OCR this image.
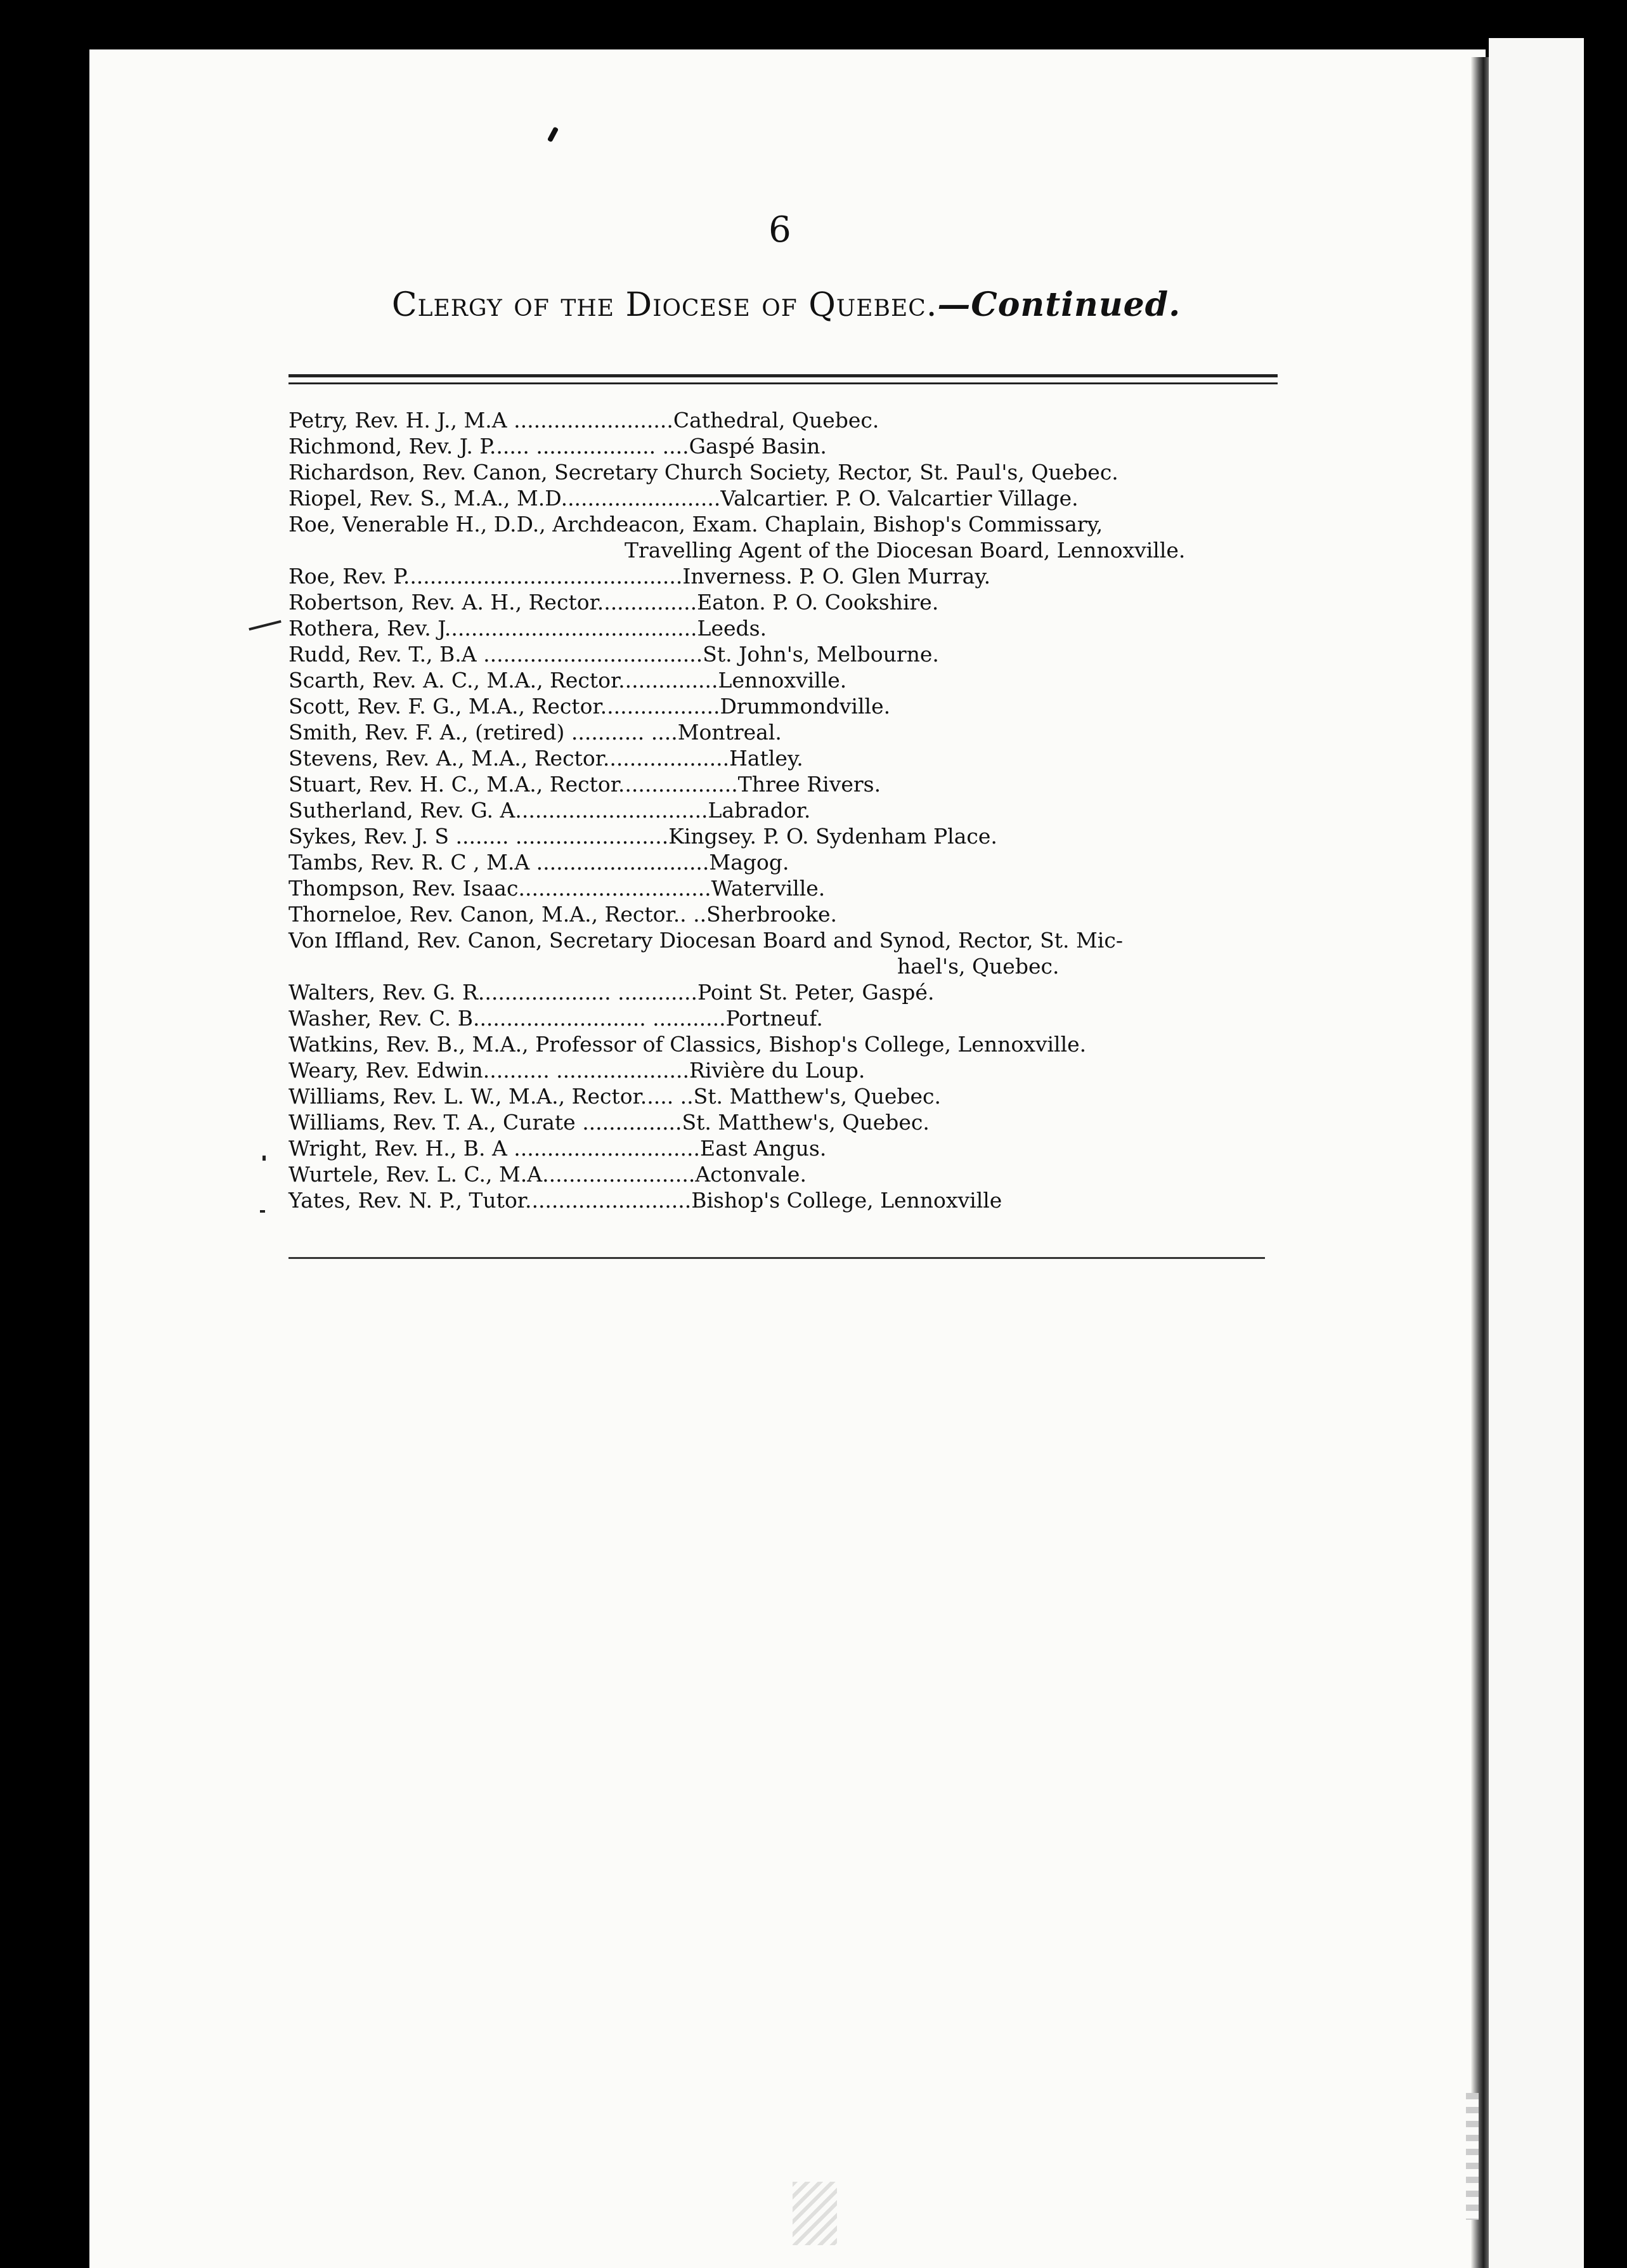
6
Clergy of the Diocese of Quebec.—Continued.
Petry, Rev. H. J., M.A ........................Cathedral, Quebec.
Richmond, Rev. J. P...... .................. ....Gaspé Basin.
Richardson, Rev. Canon, Secretary Church Society, Rector, St. Paul's, Quebec.
Riopel, Rev. S., M.A., M.D........................Valcartier. P. O. Valcartier Village.
Roe, Venerable H., D.D., Archdeacon, Exam. Chaplain, Bishop's Commissary,
Travelling Agent of the Diocesan Board, Lennoxville.
Roe, Rev. P..........................................Inverness. P. O. Glen Murray.
Robertson, Rev. A. H., Rector...............Eaton. P. O. Cookshire.
Rothera, Rev. J......................................Leeds.
Rudd, Rev. T., B.A .................................St. John's, Melbourne.
Scarth, Rev. A. C., M.A., Rector...............Lennoxville.
Scott, Rev. F. G., M.A., Rector..................Drummondville.
Smith, Rev. F. A., (retired) ........... ....Montreal.
Stevens, Rev. A., M.A., Rector...................Hatley.
Stuart, Rev. H. C., M.A., Rector..................Three Rivers.
Sutherland, Rev. G. A.............................Labrador.
Sykes, Rev. J. S ........ .......................Kingsey. P. O. Sydenham Place.
Tambs, Rev. R. C , M.A ..........................Magog.
Thompson, Rev. Isaac.............................Waterville.
Thorneloe, Rev. Canon, M.A., Rector.. ..Sherbrooke.
Von Iffland, Rev. Canon, Secretary Diocesan Board and Synod, Rector, St. Mic-
hael's, Quebec.
Walters, Rev. G. R.................... ............Point St. Peter, Gaspé.
Washer, Rev. C. B.......................... ...........Portneuf.
Watkins, Rev. B., M.A., Professor of Classics, Bishop's College, Lennoxville.
Weary, Rev. Edwin.......... ....................Rivière du Loup.
Williams, Rev. L. W., M.A., Rector..... ..St. Matthew's, Quebec.
Williams, Rev. T. A., Curate ...............St. Matthew's, Quebec.
Wright, Rev. H., B. A ............................East Angus.
Wurtele, Rev. L. C., M.A.......................Actonvale.
Yates, Rev. N. P., Tutor.........................Bishop's College, Lennoxville
